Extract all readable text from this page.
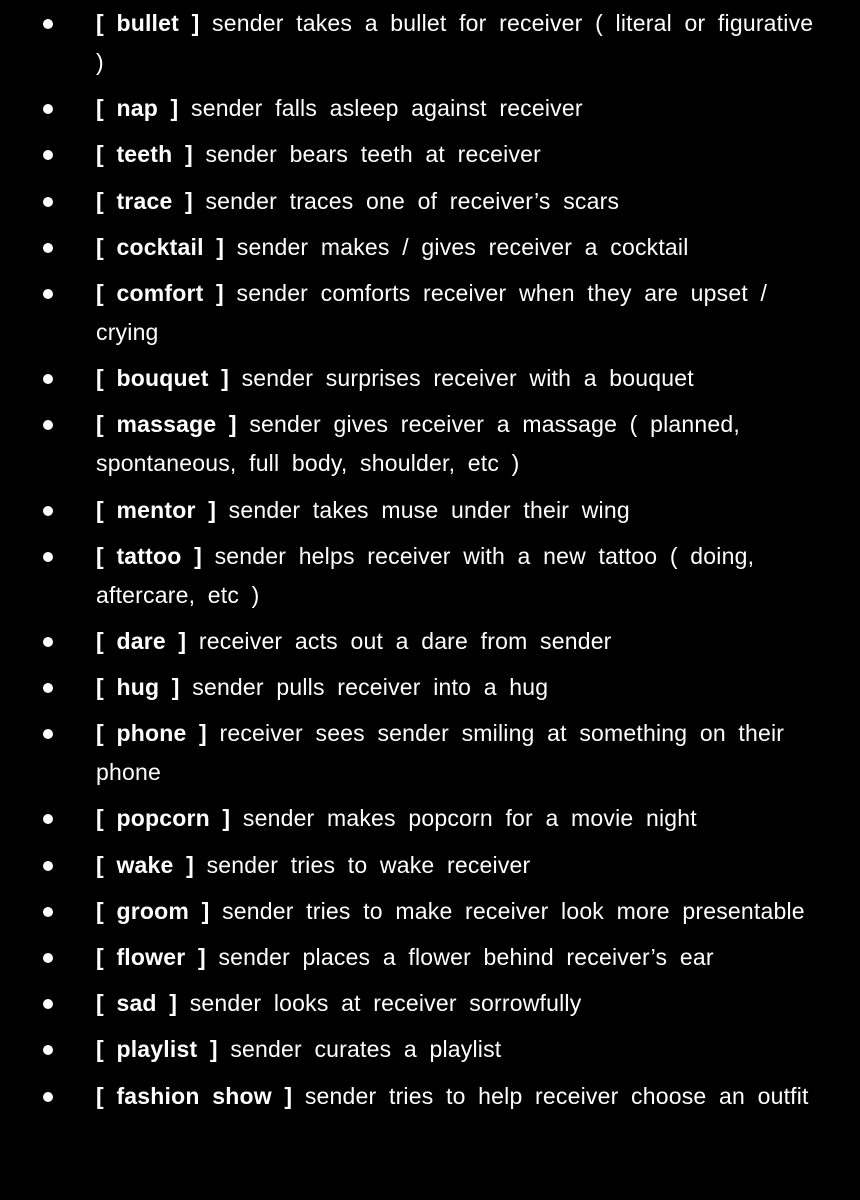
[ bullet ] sender takes a bullet for receiver ( literal or figurative )
[ nap ] sender falls asleep against receiver
[ teeth ] sender bears teeth at receiver
[ trace ] sender traces one of receiver’s scars
[ cocktail ] sender makes / gives receiver a cocktail
[ comfort ] sender comforts receiver when they are upset / crying
[ bouquet ] sender surprises receiver with a bouquet
[ massage ] sender gives receiver a massage ( planned, spontaneous, full body, shoulder, etc )
[ mentor ] sender takes muse under their wing
[ tattoo ] sender helps receiver with a new tattoo ( doing, aftercare, etc )
[ dare ] receiver acts out a dare from sender
[ hug ] sender pulls receiver into a hug
[ phone ] receiver sees sender smiling at something on their phone
[ popcorn ] sender makes popcorn for a movie night
[ wake ] sender tries to wake receiver
[ groom ] sender tries to make receiver look more presentable
[ flower ] sender places a flower behind receiver’s ear
[ sad ] sender looks at receiver sorrowfully
[ playlist ] sender curates a playlist
[ fashion show ] sender tries to help receiver choose an outfit
